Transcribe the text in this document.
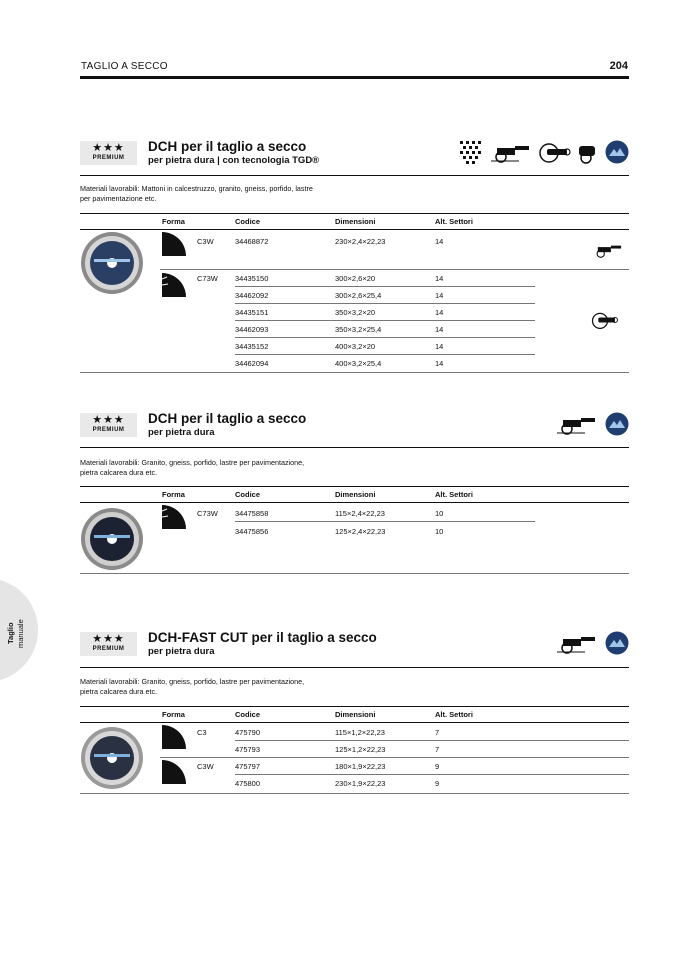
TAGLIO A SECCO	204
Taglio manuale
★★★
PREMIUM
DCH per il taglio a secco
per pietra dura | con tecnologia TGD®
Materiali lavorabili: Mattoni in calcestruzzo, granito, gneiss, porfido, lastre
per pavimentazione etc.
Forma	Codice	Dimensioni	Alt. Settori
C3W	34468872	230×2,4×22,23	14
C73W 34435150	300×2,6×20	14
34462092	300×2,6×25,4	14
34435151	350×3,2×20	14
34462093	350×3,2×25,4	14
34435152	400×3,2×20	14
34462094	400×3,2×25,4	14
★★★
PREMIUM
DCH per il taglio a secco
per pietra dura
Materiali lavorabili: Granito, gneiss, porfido, lastre per pavimentazione,
pietra calcarea dura etc.
Forma	Codice	Dimensioni	Alt. Settori
C73W 34475858	115×2,4×22,23	10
34475856	125×2,4×22,23	10
★★★
PREMIUM
DCH-FAST CUT per il taglio a secco
per pietra dura
Materiali lavorabili: Granito, gneiss, porfido, lastre per pavimentazione,
pietra calcarea dura etc.
Forma	Codice	Dimensioni	Alt. Settori
C3	475790	115×1,2×22,23	7
475793	125×1,2×22,23	7
C3W	475797	180×1,9×22,23	9
475800	230×1,9×22,23	9
